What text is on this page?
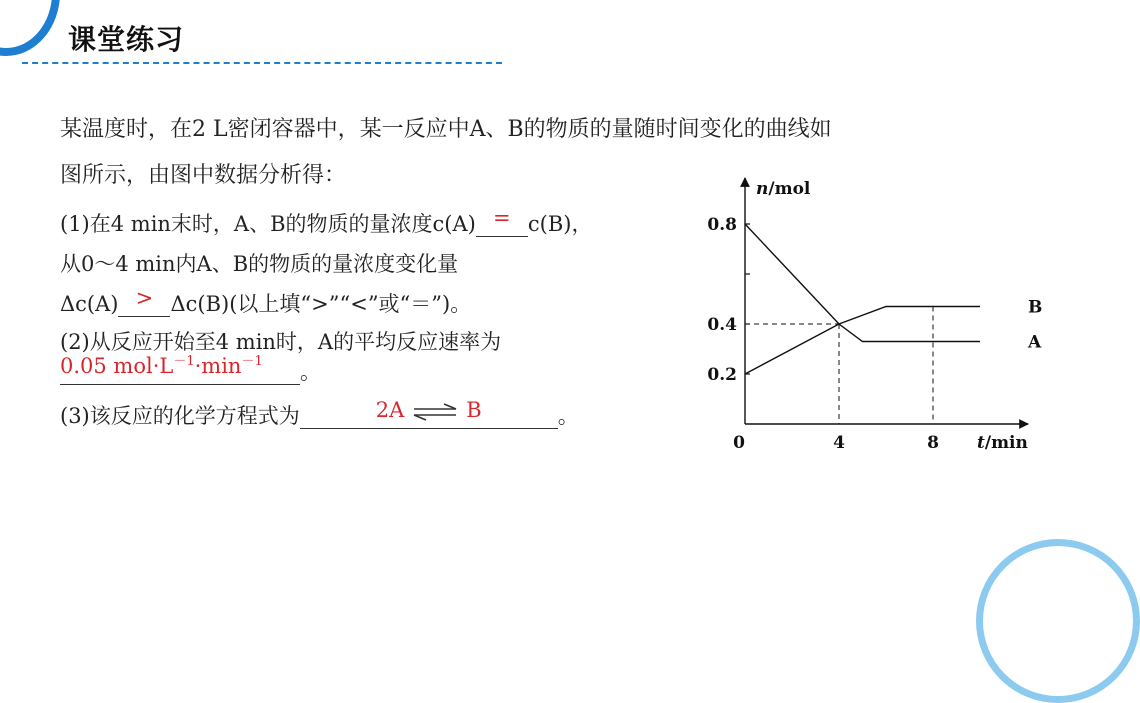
课堂练习
某温度时，在2 L密闭容器中，某一反应中A、B的物质的量随时间变化的曲线如
图所示，由图中数据分析得：
(1)在4 min末时，A、B的物质的量浓度c(A) = c(B)，
从0～4 min内A、B的物质的量浓度变化量
Δc(A) > Δc(B)(以上填“>”“<”或“＝”)。
(2)从反应开始至4 min时，A的平均反应速率为
0.05 $mol\cdot L^{-1}\cdot\min^{-1}$ 。
(3)该反应的化学方程式为	2A ⇌ B	。
n/mol
t/min
0.8
0.4
0.2
0	4	8
A
B
